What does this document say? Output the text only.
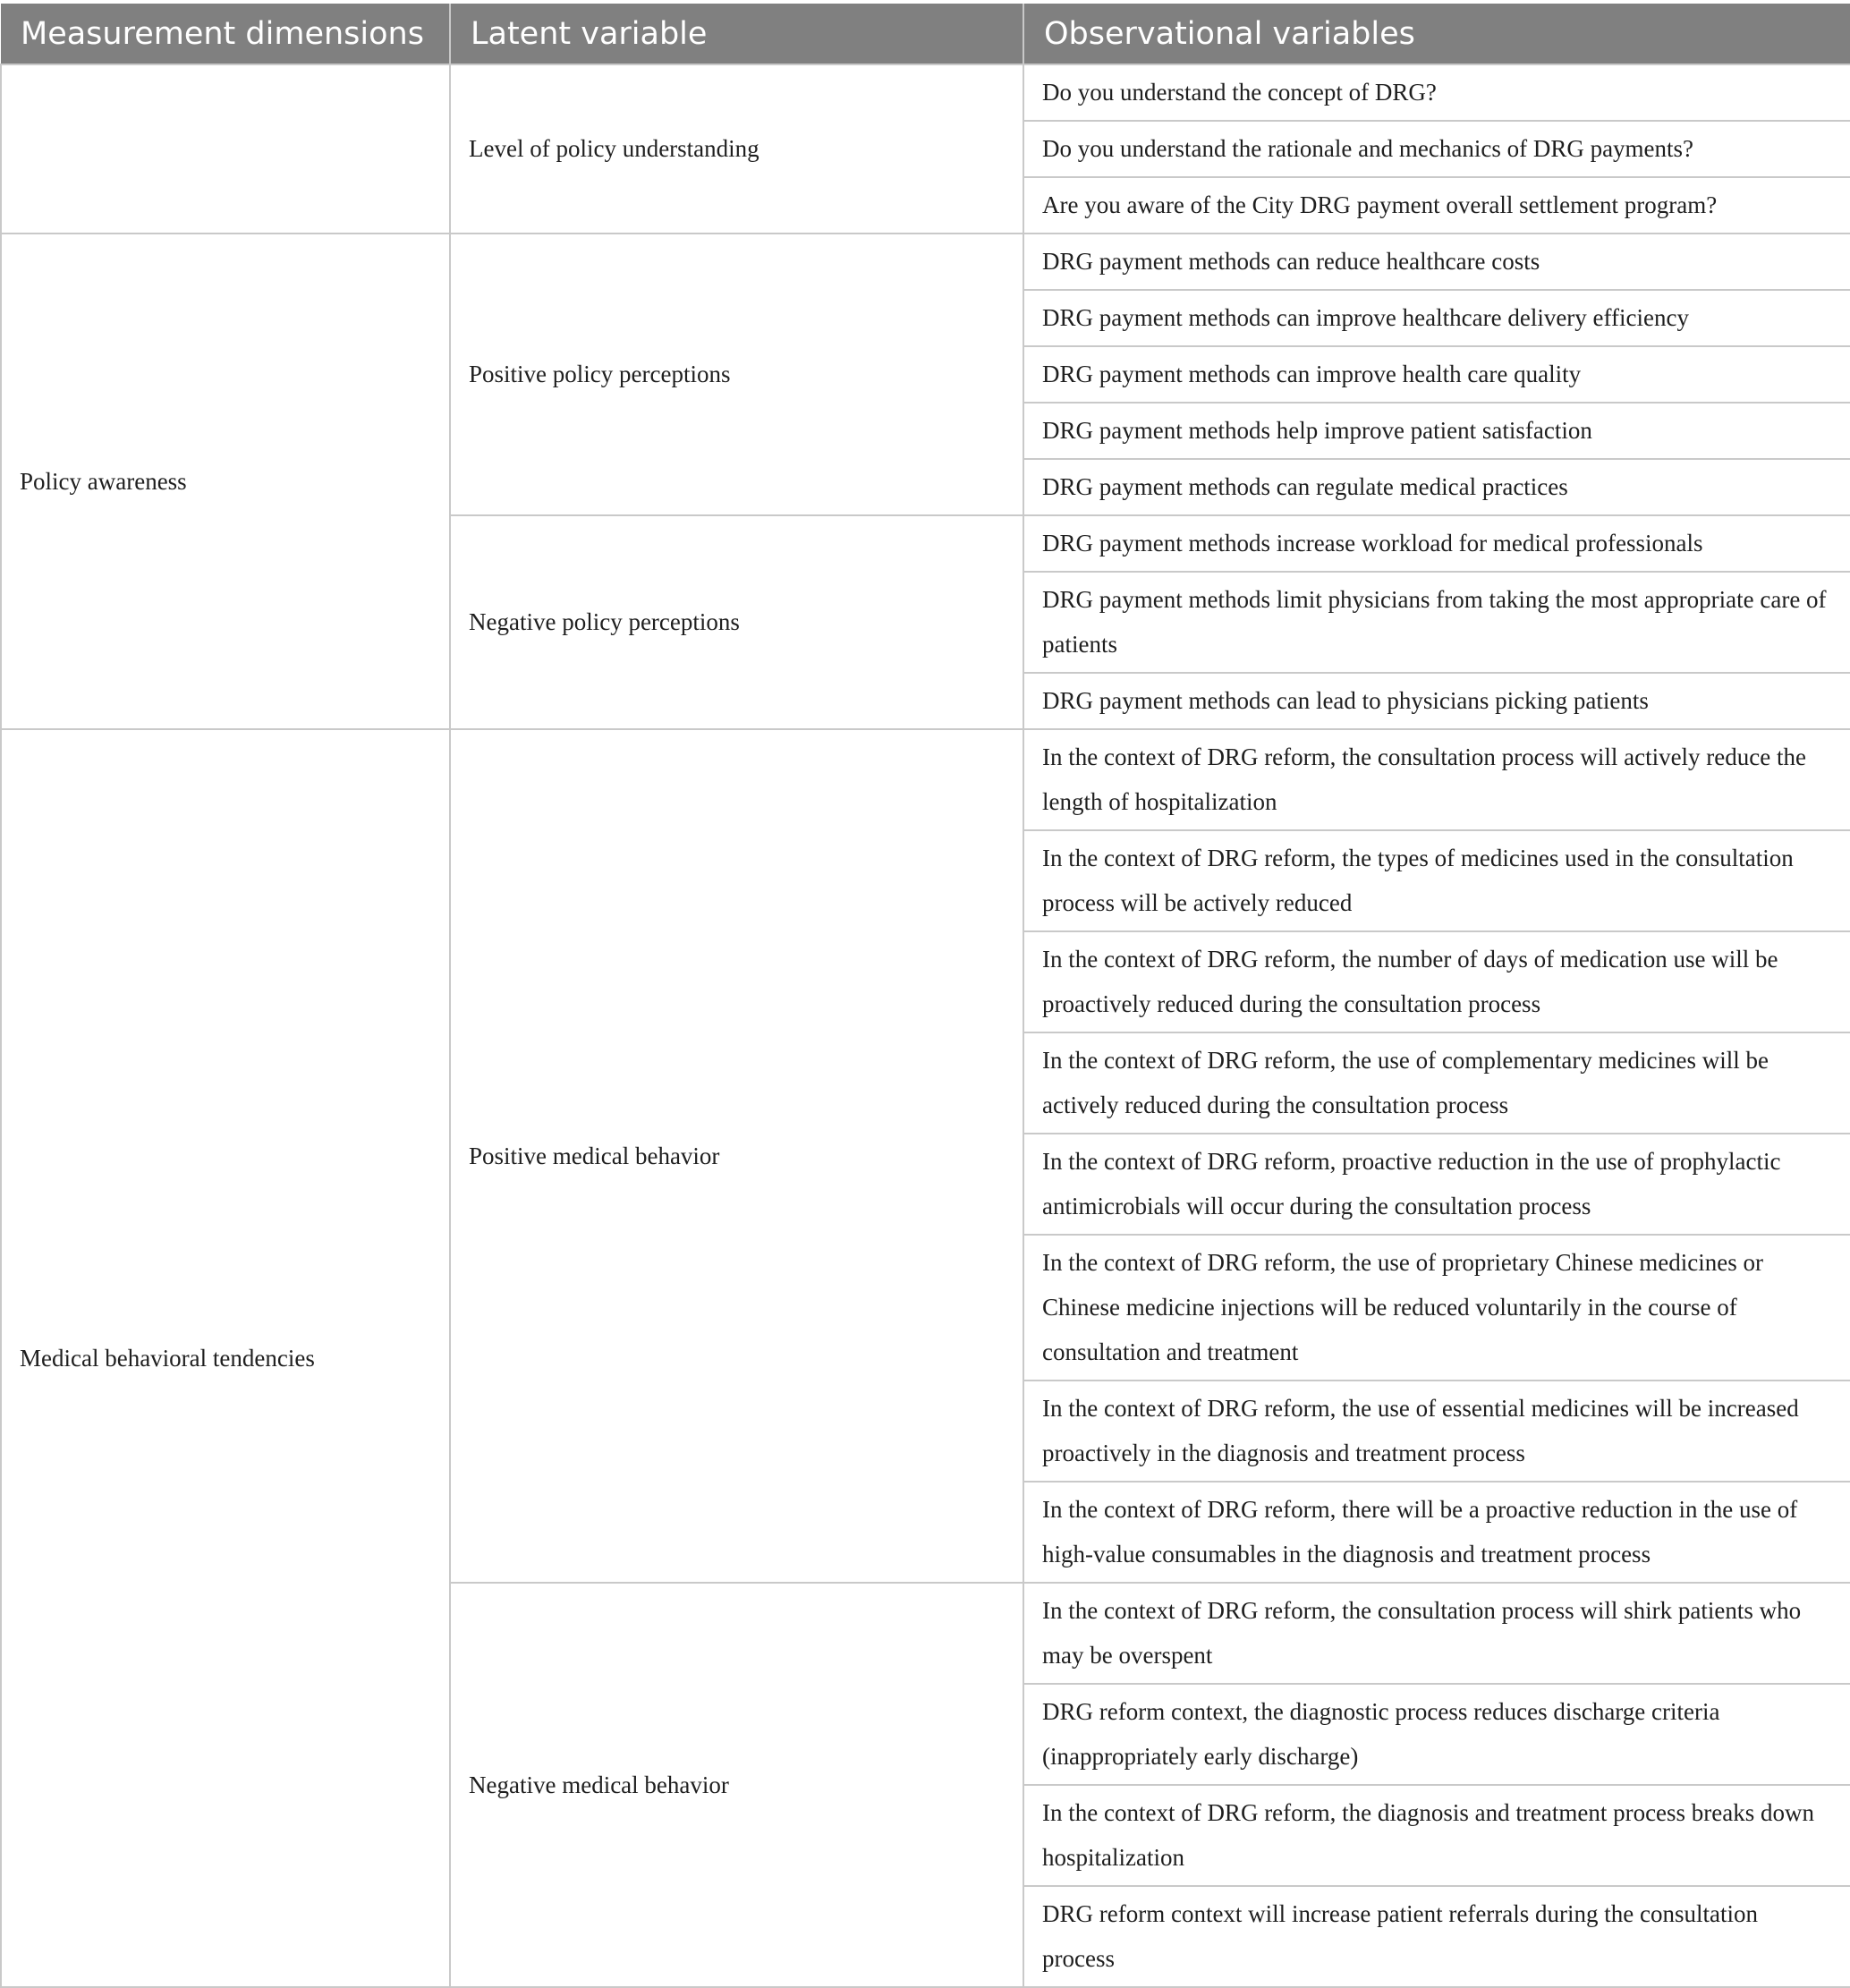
Measurement dimensions	Latent variable	Observational variables
	Level of policy understanding	Do you understand the concept of DRG?
		Do you understand the rationale and mechanics of DRG payments?
		Are you aware of the City DRG payment overall settlement program?
Policy awareness	Positive policy perceptions	DRG payment methods can reduce healthcare costs
		DRG payment methods can improve healthcare delivery efficiency
		DRG payment methods can improve health care quality
		DRG payment methods help improve patient satisfaction
		DRG payment methods can regulate medical practices
	Negative policy perceptions	DRG payment methods increase workload for medical professionals
		DRG payment methods limit physicians from taking the most appropriate care of patients
		DRG payment methods can lead to physicians picking patients
Medical behavioral tendencies	Positive medical behavior	In the context of DRG reform, the consultation process will actively reduce the length of hospitalization
		In the context of DRG reform, the types of medicines used in the consultation process will be actively reduced
		In the context of DRG reform, the number of days of medication use will be proactively reduced during the consultation process
		In the context of DRG reform, the use of complementary medicines will be actively reduced during the consultation process
		In the context of DRG reform, proactive reduction in the use of prophylactic antimicrobials will occur during the consultation process
		In the context of DRG reform, the use of proprietary Chinese medicines or Chinese medicine injections will be reduced voluntarily in the course of consultation and treatment
		In the context of DRG reform, the use of essential medicines will be increased proactively in the diagnosis and treatment process
		In the context of DRG reform, there will be a proactive reduction in the use of high-value consumables in the diagnosis and treatment process
	Negative medical behavior	In the context of DRG reform, the consultation process will shirk patients who may be overspent
		DRG reform context, the diagnostic process reduces discharge criteria (inappropriately early discharge)
		In the context of DRG reform, the diagnosis and treatment process breaks down hospitalization
		DRG reform context will increase patient referrals during the consultation process
